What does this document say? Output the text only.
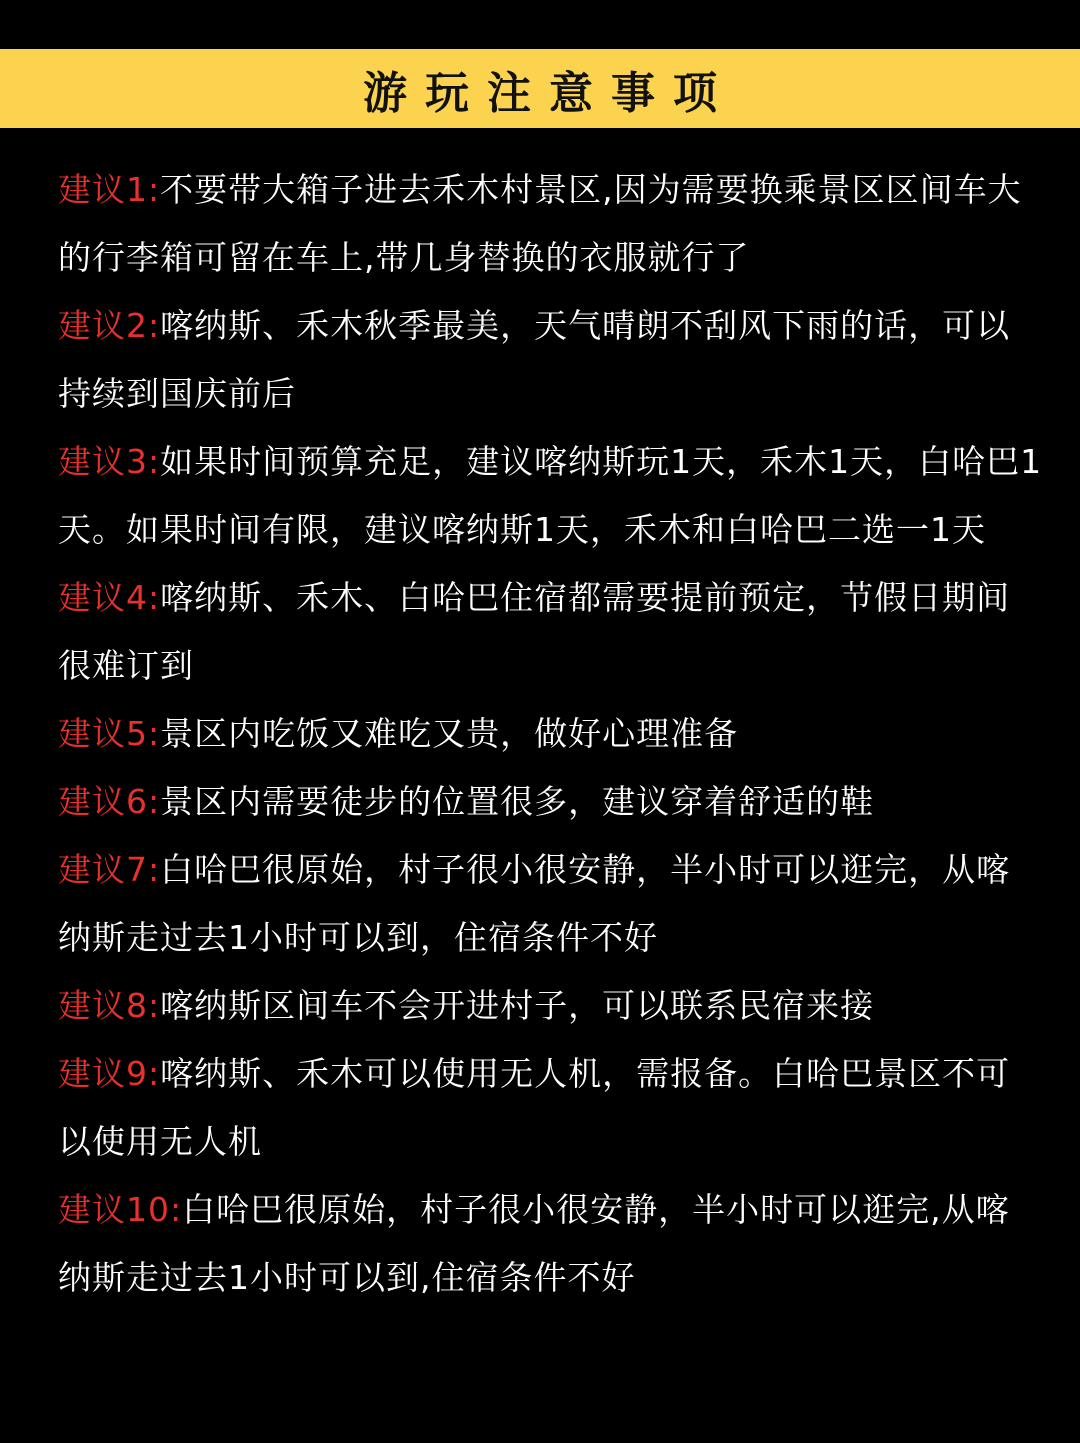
游玩注意事项

建议1:不要带大箱子进去禾木村景区,因为需要换乘景区区间车大的行李箱可留在车上,带几身替换的衣服就行了

建议2:喀纳斯、禾木秋季最美，天气晴朗不刮风下雨的话，可以持续到国庆前后

建议3:如果时间预算充足，建议喀纳斯玩1天，禾木1天，白哈巴1天。如果时间有限，建议喀纳斯1天，禾木和白哈巴二选一1天

建议4:喀纳斯、禾木、白哈巴住宿都需要提前预定，节假日期间很难订到

建议5:景区内吃饭又难吃又贵，做好心理准备

建议6:景区内需要徒步的位置很多，建议穿着舒适的鞋

建议7:白哈巴很原始，村子很小很安静，半小时可以逛完，从喀纳斯走过去1小时可以到，住宿条件不好

建议8:喀纳斯区间车不会开进村子，可以联系民宿来接

建议9:喀纳斯、禾木可以使用无人机，需报备。白哈巴景区不可以使用无人机

建议10:白哈巴很原始，村子很小很安静，半小时可以逛完,从喀纳斯走过去1小时可以到,住宿条件不好
